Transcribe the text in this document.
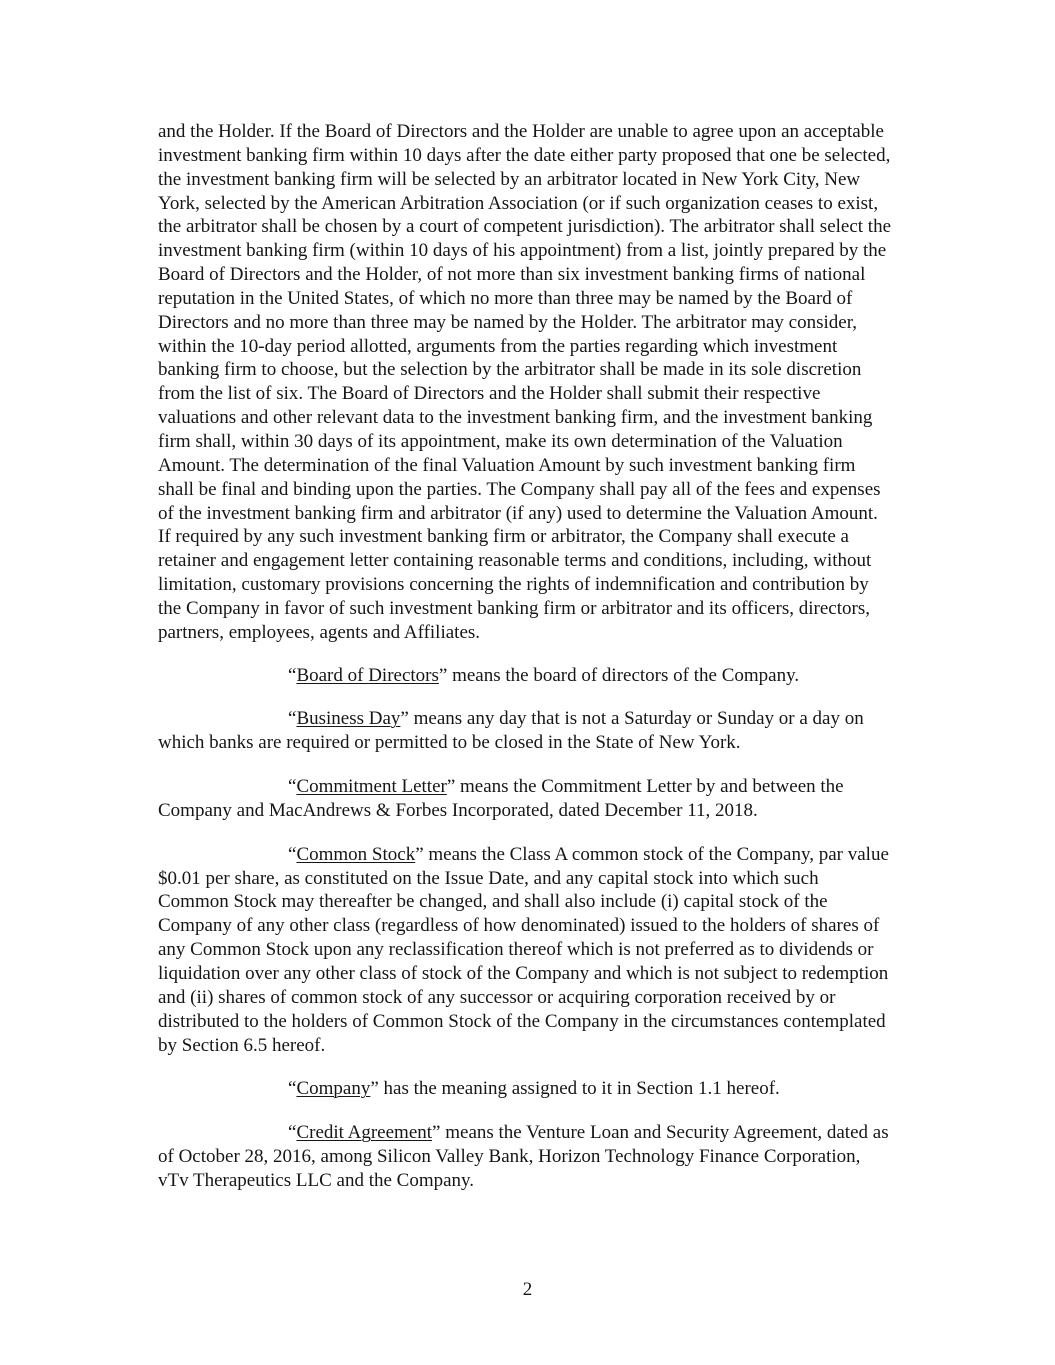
and the Holder. If the Board of Directors and the Holder are unable to agree upon an acceptable investment banking firm within 10 days after the date either party proposed that one be selected, the investment banking firm will be selected by an arbitrator located in New York City, New York, selected by the American Arbitration Association (or if such organization ceases to exist, the arbitrator shall be chosen by a court of competent jurisdiction). The arbitrator shall select the investment banking firm (within 10 days of his appointment) from a list, jointly prepared by the Board of Directors and the Holder, of not more than six investment banking firms of national reputation in the United States, of which no more than three may be named by the Board of Directors and no more than three may be named by the Holder. The arbitrator may consider, within the 10-day period allotted, arguments from the parties regarding which investment banking firm to choose, but the selection by the arbitrator shall be made in its sole discretion from the list of six. The Board of Directors and the Holder shall submit their respective valuations and other relevant data to the investment banking firm, and the investment banking firm shall, within 30 days of its appointment, make its own determination of the Valuation Amount. The determination of the final Valuation Amount by such investment banking firm shall be final and binding upon the parties. The Company shall pay all of the fees and expenses of the investment banking firm and arbitrator (if any) used to determine the Valuation Amount. If required by any such investment banking firm or arbitrator, the Company shall execute a retainer and engagement letter containing reasonable terms and conditions, including, without limitation, customary provisions concerning the rights of indemnification and contribution by the Company in favor of such investment banking firm or arbitrator and its officers, directors, partners, employees, agents and Affiliates.

“Board of Directors” means the board of directors of the Company.

“Business Day” means any day that is not a Saturday or Sunday or a day on which banks are required or permitted to be closed in the State of New York.

“Commitment Letter” means the Commitment Letter by and between the Company and MacAndrews & Forbes Incorporated, dated December 11, 2018.

“Common Stock” means the Class A common stock of the Company, par value $0.01 per share, as constituted on the Issue Date, and any capital stock into which such Common Stock may thereafter be changed, and shall also include (i) capital stock of the Company of any other class (regardless of how denominated) issued to the holders of shares of any Common Stock upon any reclassification thereof which is not preferred as to dividends or liquidation over any other class of stock of the Company and which is not subject to redemption and (ii) shares of common stock of any successor or acquiring corporation received by or distributed to the holders of Common Stock of the Company in the circumstances contemplated by Section 6.5 hereof.

“Company” has the meaning assigned to it in Section 1.1 hereof.

“Credit Agreement” means the Venture Loan and Security Agreement, dated as of October 28, 2016, among Silicon Valley Bank, Horizon Technology Finance Corporation, vTv Therapeutics LLC and the Company.

2
